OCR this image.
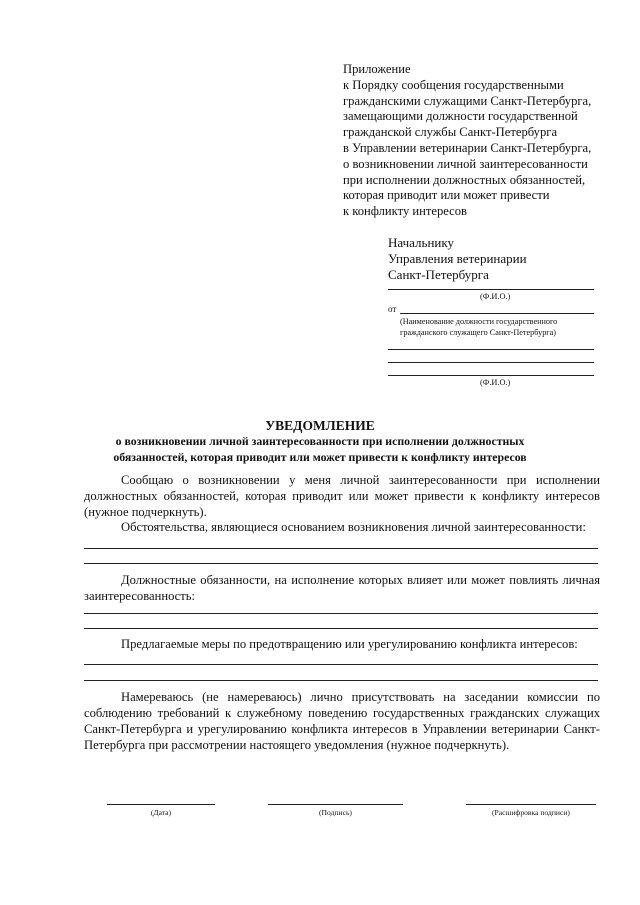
Приложение
к Порядку сообщения государственными
гражданскими служащими Санкт-Петербурга,
замещающими должности государственной
гражданской службы Санкт-Петербурга
в Управлении ветеринарии Санкт-Петербурга,
о возникновении личной заинтересованности
при исполнении должностных обязанностей,
которая приводит или может привести
к конфликту интересов
Начальнику
Управления ветеринарии
Санкт-Петербурга
(Ф.И.О.)
от
(Наименование должности государственного гражданского служащего Санкт-Петербурга)
(Ф.И.О.)
УВЕДОМЛЕНИЕ
о возникновении личной заинтересованности при исполнении должностных
обязанностей, которая приводит или может привести к конфликту интересов
Сообщаю о возникновении у меня личной заинтересованности при исполнении должностных обязанностей, которая приводит или может привести к конфликту интересов (нужное подчеркнуть).
Обстоятельства, являющиеся основанием возникновения личной заинтересованности:
Должностные обязанности, на исполнение которых влияет или может повлиять личная заинтересованность:
Предлагаемые меры по предотвращению или урегулированию конфликта интересов:
Намереваюсь (не намереваюсь) лично присутствовать на заседании комиссии по соблюдению требований к служебному поведению государственных гражданских служащих Санкт-Петербурга и урегулированию конфликта интересов в Управлении ветеринарии Санкт-Петербурга при рассмотрении настоящего уведомления (нужное подчеркнуть).
(Дата)	(Подпись)	(Расшифровка подписи)
